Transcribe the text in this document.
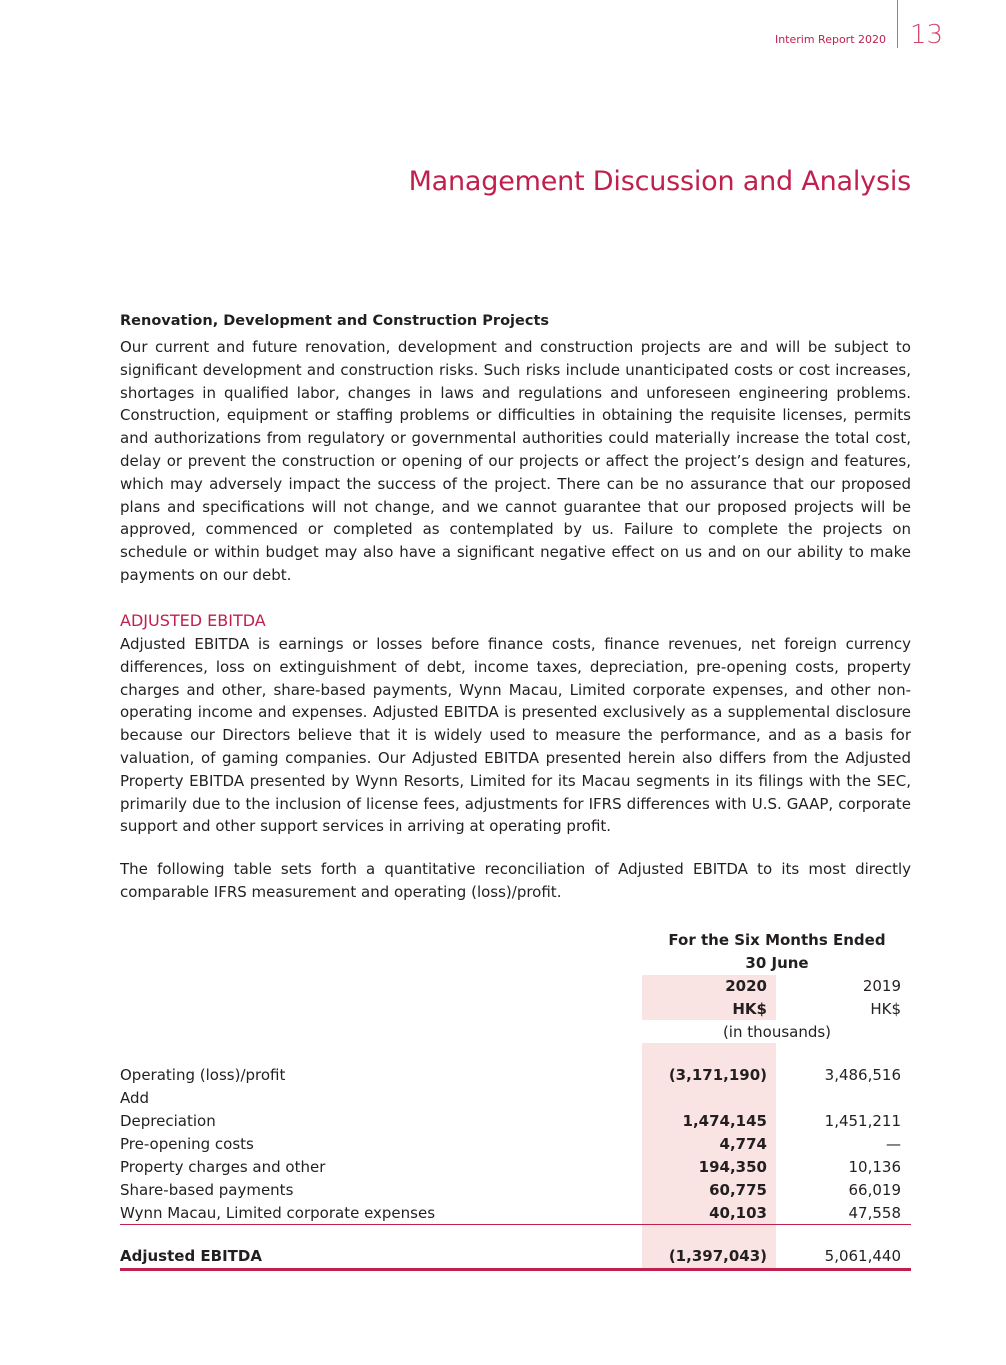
Interim Report 2020 13
Management Discussion and Analysis
Renovation, Development and Construction Projects

Our current and future renovation, development and construction projects are and will be subject to significant development and construction risks. Such risks include unanticipated costs or cost increases, shortages in qualified labor, changes in laws and regulations and unforeseen engineering problems. Construction, equipment or staffing problems or difficulties in obtaining the requisite licenses, permits and authorizations from regulatory or governmental authorities could materially increase the total cost, delay or prevent the construction or opening of our projects or affect the project’s design and features, which may adversely impact the success of the project. There can be no assurance that our proposed plans and specifications will not change, and we cannot guarantee that our proposed projects will be approved, commenced or completed as contemplated by us. Failure to complete the projects on schedule or within budget may also have a significant negative effect on us and on our ability to make payments on our debt.

ADJUSTED EBITDA

Adjusted EBITDA is earnings or losses before finance costs, finance revenues, net foreign currency differences, loss on extinguishment of debt, income taxes, depreciation, pre-opening costs, property charges and other, share-based payments, Wynn Macau, Limited corporate expenses, and other non-operating income and expenses. Adjusted EBITDA is presented exclusively as a supplemental disclosure because our Directors believe that it is widely used to measure the performance, and as a basis for valuation, of gaming companies. Our Adjusted EBITDA presented herein also differs from the Adjusted Property EBITDA presented by Wynn Resorts, Limited for its Macau segments in its filings with the SEC, primarily due to the inclusion of license fees, adjustments for IFRS differences with U.S. GAAP, corporate support and other support services in arriving at operating profit.

The following table sets forth a quantitative reconciliation of Adjusted EBITDA to its most directly comparable IFRS measurement and operating (loss)/profit.

For the Six Months Ended
30 June
2020	2019
HK$	HK$
(in thousands)
Operating (loss)/profit	(3,171,190)	3,486,516
Add
Depreciation	1,474,145	1,451,211
Pre-opening costs	4,774	—
Property charges and other	194,350	10,136
Share-based payments	60,775	66,019
Wynn Macau, Limited corporate expenses	40,103	47,558
Adjusted EBITDA	(1,397,043)	5,061,440
